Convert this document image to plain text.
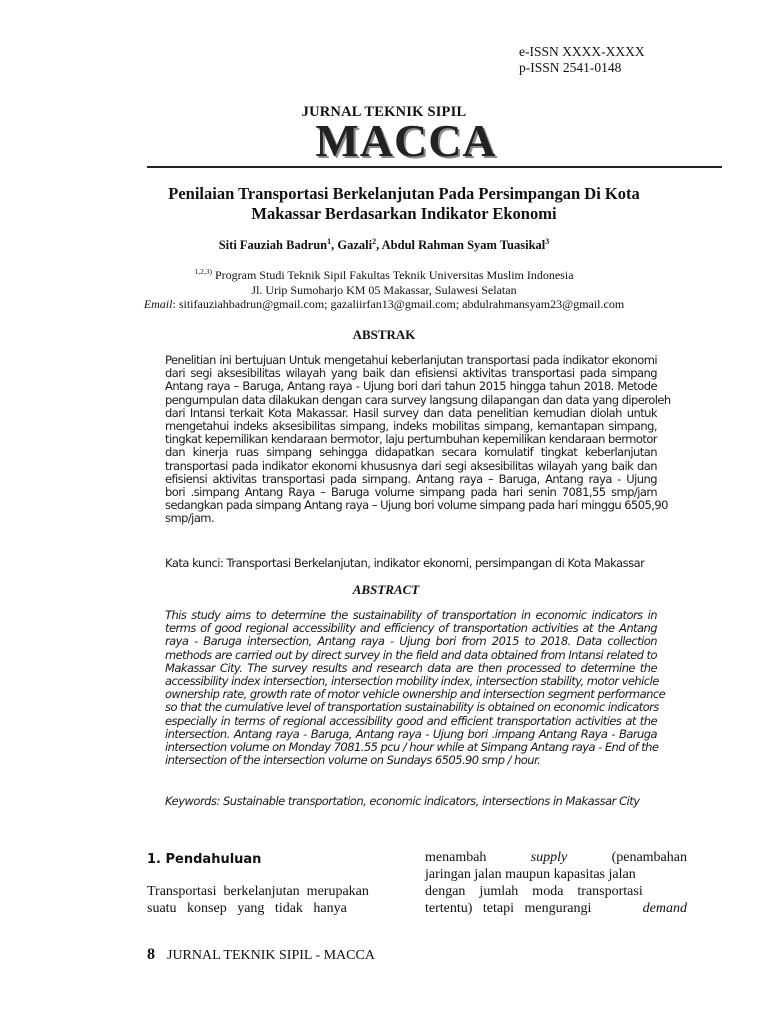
e-ISSN XXXX-XXXX
p-ISSN 2541-0148
JURNAL TEKNIK SIPIL
MACCA
Penilaian Transportasi Berkelanjutan Pada Persimpangan Di Kota
Makassar Berdasarkan Indikator Ekonomi
Siti Fauziah Badrun$^1$, Gazali$^2$, Abdul Rahman Syam Tuasikal$^3$
$^{1,2,3)}$ Program Studi Teknik Sipil Fakultas Teknik Universitas Muslim Indonesia
Jl. Urip Sumoharjo KM 05 Makassar, Sulawesi Selatan
Email: sitifauziahbadrun@gmail.com; gazaliirfan13@gmail.com; abdulrahmansyam23@gmail.com
ABSTRAK
Penelitian ini bertujuan Untuk mengetahui keberlanjutan transportasi pada indikator ekonomi
dari segi aksesibilitas wilayah yang baik dan efisiensi aktivitas transportasi pada simpang
Antang raya – Baruga, Antang raya - Ujung bori dari tahun 2015 hingga tahun 2018. Metode
pengumpulan data dilakukan dengan cara survey langsung dilapangan dan data yang diperoleh
dari Intansi terkait Kota Makassar. Hasil survey dan data penelitian kemudian diolah untuk
mengetahui indeks aksesibilitas simpang, indeks mobilitas simpang, kemantapan simpang,
tingkat kepemilikan kendaraan bermotor, laju pertumbuhan kepemilikan kendaraan bermotor
dan kinerja ruas simpang sehingga didapatkan secara komulatif tingkat keberlanjutan
transportasi pada indikator ekonomi khususnya dari segi aksesibilitas wilayah yang baik dan
efisiensi aktivitas transportasi pada simpang. Antang raya – Baruga, Antang raya - Ujung
bori .simpang Antang Raya – Baruga volume simpang pada hari senin 7081,55 smp/jam
sedangkan pada simpang Antang raya – Ujung bori volume simpang pada hari minggu 6505,90
smp/jam.
Kata kunci: Transportasi Berkelanjutan, indikator ekonomi, persimpangan di Kota Makassar
ABSTRACT
This study aims to determine the sustainability of transportation in economic indicators in
terms of good regional accessibility and efficiency of transportation activities at the Antang
raya - Baruga intersection, Antang raya - Ujung bori from 2015 to 2018. Data collection
methods are carried out by direct survey in the field and data obtained from Intansi related to
Makassar City. The survey results and research data are then processed to determine the
accessibility index intersection, intersection mobility index, intersection stability, motor vehicle
ownership rate, growth rate of motor vehicle ownership and intersection segment performance
so that the cumulative level of transportation sustainability is obtained on economic indicators
especially in terms of regional accessibility good and efficient transportation activities at the
intersection. Antang raya - Baruga, Antang raya - Ujung bori .impang Antang Raya - Baruga
intersection volume on Monday 7081.55 pcu / hour while at Simpang Antang raya - End of the
intersection of the intersection volume on Sundays 6505.90 smp / hour.
Keywords: Sustainable transportation, economic indicators, intersections in Makassar City
1. Pendahuluan
Transportasi  berkelanjutan  merupakan
suatu   konsep   yang   tidak   hanya
menambah	supply	(penambahan
jaringan jalan maupun kapasitas jalan
dengan    jumlah    moda    transportasi
tertentu)   tetapi   mengurangi	demand
8 JURNAL TEKNIK SIPIL - MACCA
